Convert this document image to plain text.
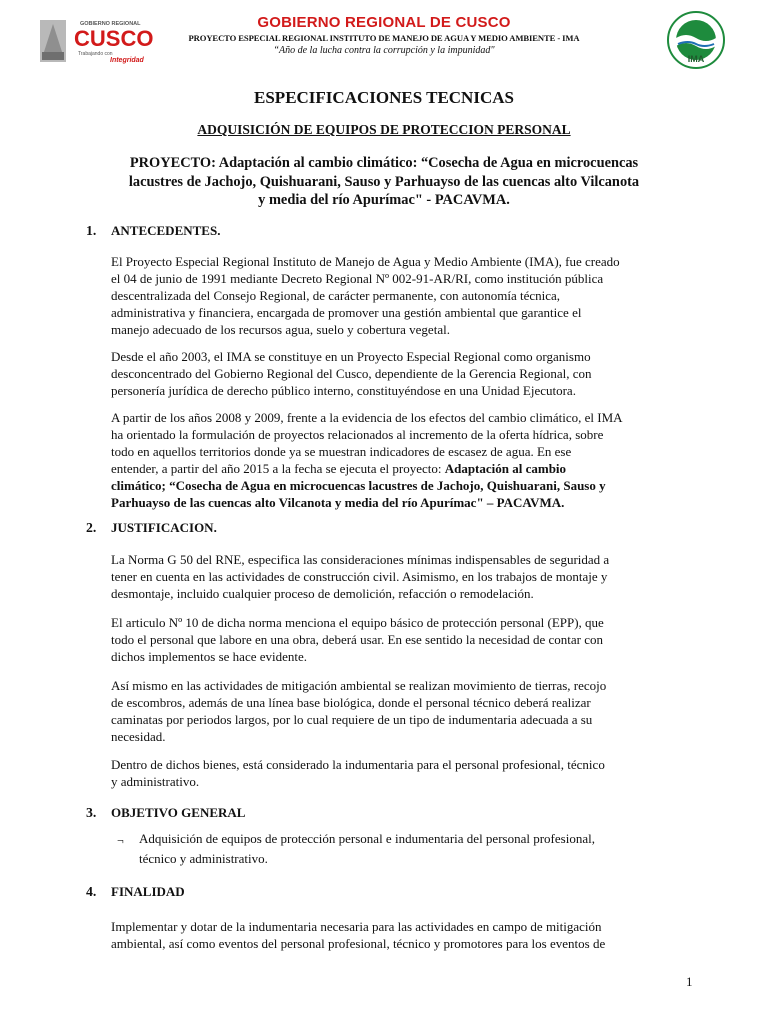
GOBIERNO REGIONAL
CUSCO
Trabajando con
Integridad
GOBIERNO REGIONAL DE CUSCO
PROYECTO ESPECIAL REGIONAL INSTITUTO DE MANEJO DE AGUA Y MEDIO AMBIENTE - IMA
“Año de la lucha contra la corrupción y la impunidad"
IMA
ESPECIFICACIONES TECNICAS
ADQUISICIÓN DE EQUIPOS DE PROTECCION PERSONAL
PROYECTO: Adaptación al cambio climático: “Cosecha de Agua en microcuencas
lacustres de Jachojo, Quishuarani, Sauso y Parhuayso de las cuencas alto Vilcanota
y media del río Apurímac" - PACAVMA.
1. ANTECEDENTES.
El Proyecto Especial Regional Instituto de Manejo de Agua y Medio Ambiente (IMA), fue creado
el 04 de junio de 1991 mediante Decreto Regional Nº 002-91-AR/RI, como institución pública
descentralizada del Consejo Regional, de carácter permanente, con autonomía técnica,
administrativa y financiera, encargada de promover una gestión ambiental que garantice el
manejo adecuado de los recursos agua, suelo y cobertura vegetal.
Desde el año 2003, el IMA se constituye en un Proyecto Especial Regional como organismo
desconcentrado del Gobierno Regional del Cusco, dependiente de la Gerencia Regional, con
personería jurídica de derecho público interno, constituyéndose en una Unidad Ejecutora.
A partir de los años 2008 y 2009, frente a la evidencia de los efectos del cambio climático, el IMA
ha orientado la formulación de proyectos relacionados al incremento de la oferta hídrica, sobre
todo en aquellos territorios donde ya se muestran indicadores de escasez de agua. En ese
entender, a partir del año 2015 a la fecha se ejecuta el proyecto: Adaptación al cambio
climático; “Cosecha de Agua en microcuencas lacustres de Jachojo, Quishuarani, Sauso y
Parhuayso de las cuencas alto Vilcanota y media del río Apurímac" – PACAVMA.
2. JUSTIFICACION.
La Norma G 50 del RNE, especifica las consideraciones mínimas indispensables de seguridad a
tener en cuenta en las actividades de construcción civil. Asimismo, en los trabajos de montaje y
desmontaje, incluido cualquier proceso de demolición, refacción o remodelación.
El articulo Nº 10 de dicha norma menciona el equipo básico de protección personal (EPP), que
todo el personal que labore en una obra, deberá usar. En ese sentido la necesidad de contar con
dichos implementos se hace evidente.
Así mismo en las actividades de mitigación ambiental se realizan movimiento de tierras, recojo
de escombros, además de una línea base biológica, donde el personal técnico deberá realizar
caminatas por periodos largos, por lo cual requiere de un tipo de indumentaria adecuada a su
necesidad.
Dentro de dichos bienes, está considerado la indumentaria para el personal profesional, técnico
y administrativo.
3. OBJETIVO GENERAL
¬ Adquisición de equipos de protección personal e indumentaria del personal profesional,
técnico y administrativo.
4. FINALIDAD
Implementar y dotar de la indumentaria necesaria para las actividades en campo de mitigación
ambiental, así como eventos del personal profesional, técnico y promotores para los eventos de
1
